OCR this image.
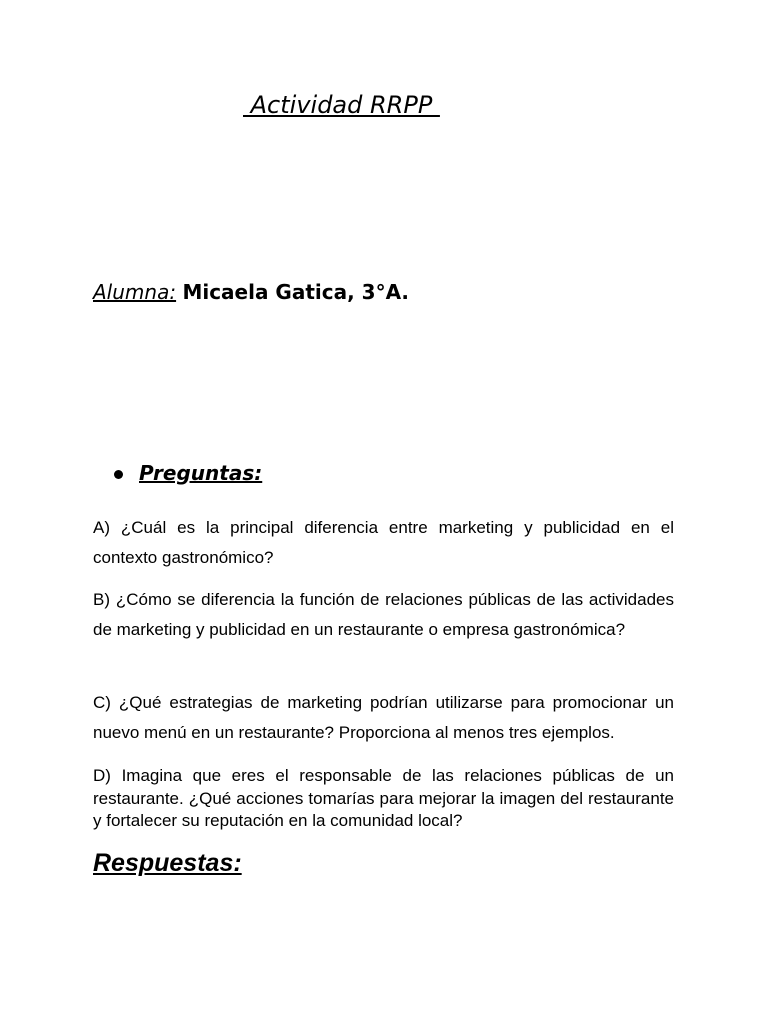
Actividad RRPP

Alumna: Micaela Gatica, 3°A.

Preguntas:

A) ¿Cuál es la principal diferencia entre marketing y publicidad en el contexto gastronómico?

B) ¿Cómo se diferencia la función de relaciones públicas de las actividades de marketing y publicidad en un restaurante o empresa gastronómica?

C) ¿Qué estrategias de marketing podrían utilizarse para promocionar un nuevo menú en un restaurante? Proporciona al menos tres ejemplos.

D) Imagina que eres el responsable de las relaciones públicas de un restaurante. ¿Qué acciones tomarías para mejorar la imagen del restaurante y fortalecer su reputación en la comunidad local?

Respuestas:
